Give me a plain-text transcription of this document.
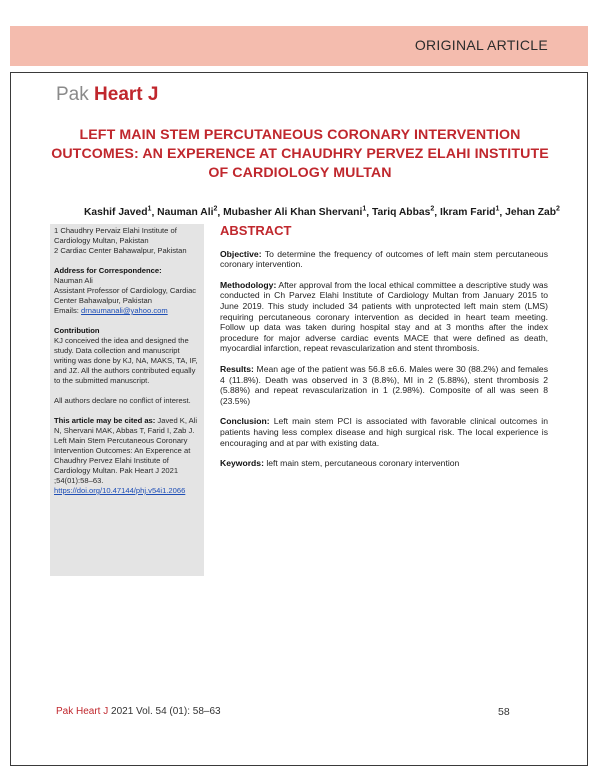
ORIGINAL ARTICLE
Pak Heart J
LEFT MAIN STEM PERCUTANEOUS CORONARY INTERVENTION
OUTCOMES: AN EXPERENCE AT CHAUDHRY PERVEZ ELAHI INSTITUTE
OF CARDIOLOGY MULTAN
Kashif Javed$^1$, Nauman Ali$^2$, Mubasher Ali Khan Shervani$^1$, Tariq Abbas$^2$, Ikram Farid$^1$, Jehan Zab$^2$
1 Chaudhry Pervaiz Elahi Institute of Cardiology Multan, Pakistan
2 Cardiac Center Bahawalpur, Pakistan
Address for Correspondence:
Nauman Ali
Assistant Professor of Cardiology, Cardiac Center Bahawalpur, Pakistan
Emails: drnaumanali@yahoo.com
Contribution
KJ conceived the idea and designed the study. Data collection and manuscript writing was done by KJ, NA, MAKS, TA, IF, and JZ. All the authors contributed equally to the submitted manuscript.
All authors declare no conflict of interest.
This article may be cited as: Javed K, Ali N, Shervani MAK, Abbas T, Farid I, Zab J. Left Main Stem Percutaneous Coronary Intervention Outcomes: An Experence at Chaudhry Pervez Elahi Institute of Cardiology Multan. Pak Heart J 2021 ;54(01):58–63.
https://doi.org/10.47144/phj.v54i1.2066
ABSTRACT

Objective: To determine the frequency of outcomes of left main stem percutaneous coronary intervention.

Methodology: After approval from the local ethical committee a descriptive study was conducted in Ch Parvez Elahi Institute of Cardiology Multan from January 2015 to June 2019. This study included 34 patients with unprotected left main stem (LMS) requiring percutaneous coronary intervention as decided in heart team meeting. Follow up data was taken during hospital stay and at 3 months after the index procedure for major adverse cardiac events MACE that were defined as death, myocardial infarction, repeat revascularization and stent thrombosis.

Results: Mean age of the patient was 56.8 ±6.6. Males were 30 (88.2%) and females 4 (11.8%). Death was observed in 3 (8.8%), MI in 2 (5.88%), stent thrombosis 2 (5.88%) and repeat revascularization in 1 (2.98%). Composite of all was seen 8 (23.5%)

Conclusion: Left main stem PCI is associated with favorable clinical outcomes in patients having less complex disease and high surgical risk. The local experience is encouraging and at par with existing data.

Keywords: left main stem, percutaneous coronary intervention

Pak Heart J 2021 Vol. 54 (01): 58–63	58
